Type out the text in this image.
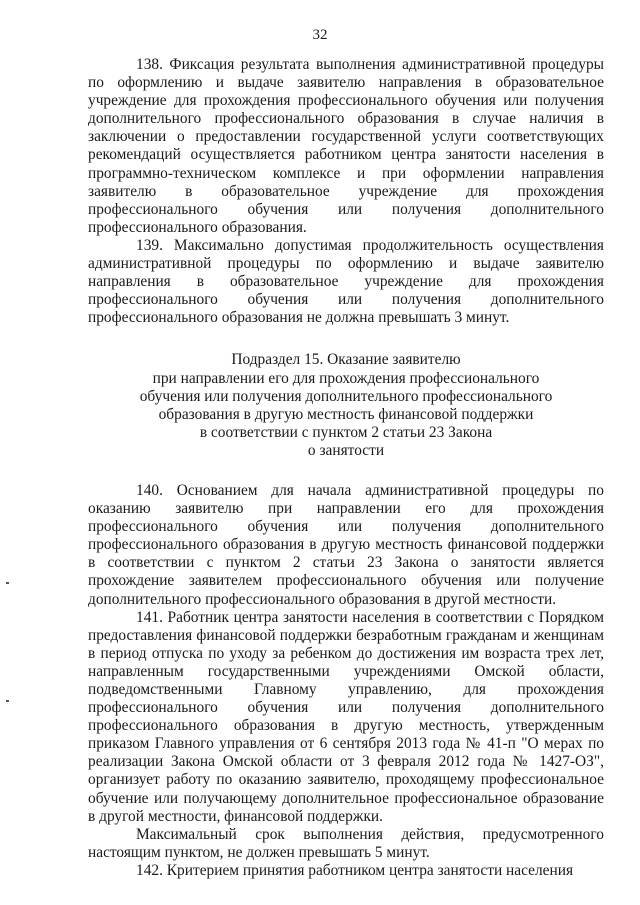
32

138. Фиксация результата выполнения административной процедуры по оформлению и выдаче заявителю направления в образовательное учреждение для прохождения профессионального обучения или получения дополнительного профессионального образования в случае наличия в заключении о предоставлении государственной услуги соответствующих рекомендаций осуществляется работником центра занятости населения в программно-техническом комплексе и при оформлении направления заявителю в образовательное учреждение для прохождения профессионального обучения или получения дополнительного профессионального образования.

139. Максимально допустимая продолжительность осуществления административной процедуры по оформлению и выдаче заявителю направления в образовательное учреждение для прохождения профессионального обучения или получения дополнительного профессионального образования не должна превышать 3 минут.

Подраздел 15. Оказание заявителю
при направлении его для прохождения профессионального
обучения или получения дополнительного профессионального
образования в другую местность финансовой поддержки
в соответствии с пунктом 2 статьи 23 Закона
о занятости

140. Основанием для начала административной процедуры по оказанию заявителю при направлении его для прохождения профессионального обучения или получения дополнительного профессионального образования в другую местность финансовой поддержки в соответствии с пунктом 2 статьи 23 Закона о занятости является прохождение заявителем профессионального обучения или получение дополнительного профессионального образования в другой местности.

141. Работник центра занятости населения в соответствии с Порядком предоставления финансовой поддержки безработным гражданам и женщинам в период отпуска по уходу за ребенком до достижения им возраста трех лет, направленным государственными учреждениями Омской области, подведомственными Главному управлению, для прохождения профессионального обучения или получения дополнительного профессионального образования в другую местность, утвержденным приказом Главного управления от 6 сентября 2013 года № 41-п "О мерах по реализации Закона Омской области от 3 февраля 2012 года № 1427-ОЗ", организует работу по оказанию заявителю, проходящему профессиональное обучение или получающему дополнительное профессиональное образование в другой местности, финансовой поддержки.

Максимальный срок выполнения действия, предусмотренного настоящим пунктом, не должен превышать 5 минут.

142. Критерием принятия работником центра занятости населения
